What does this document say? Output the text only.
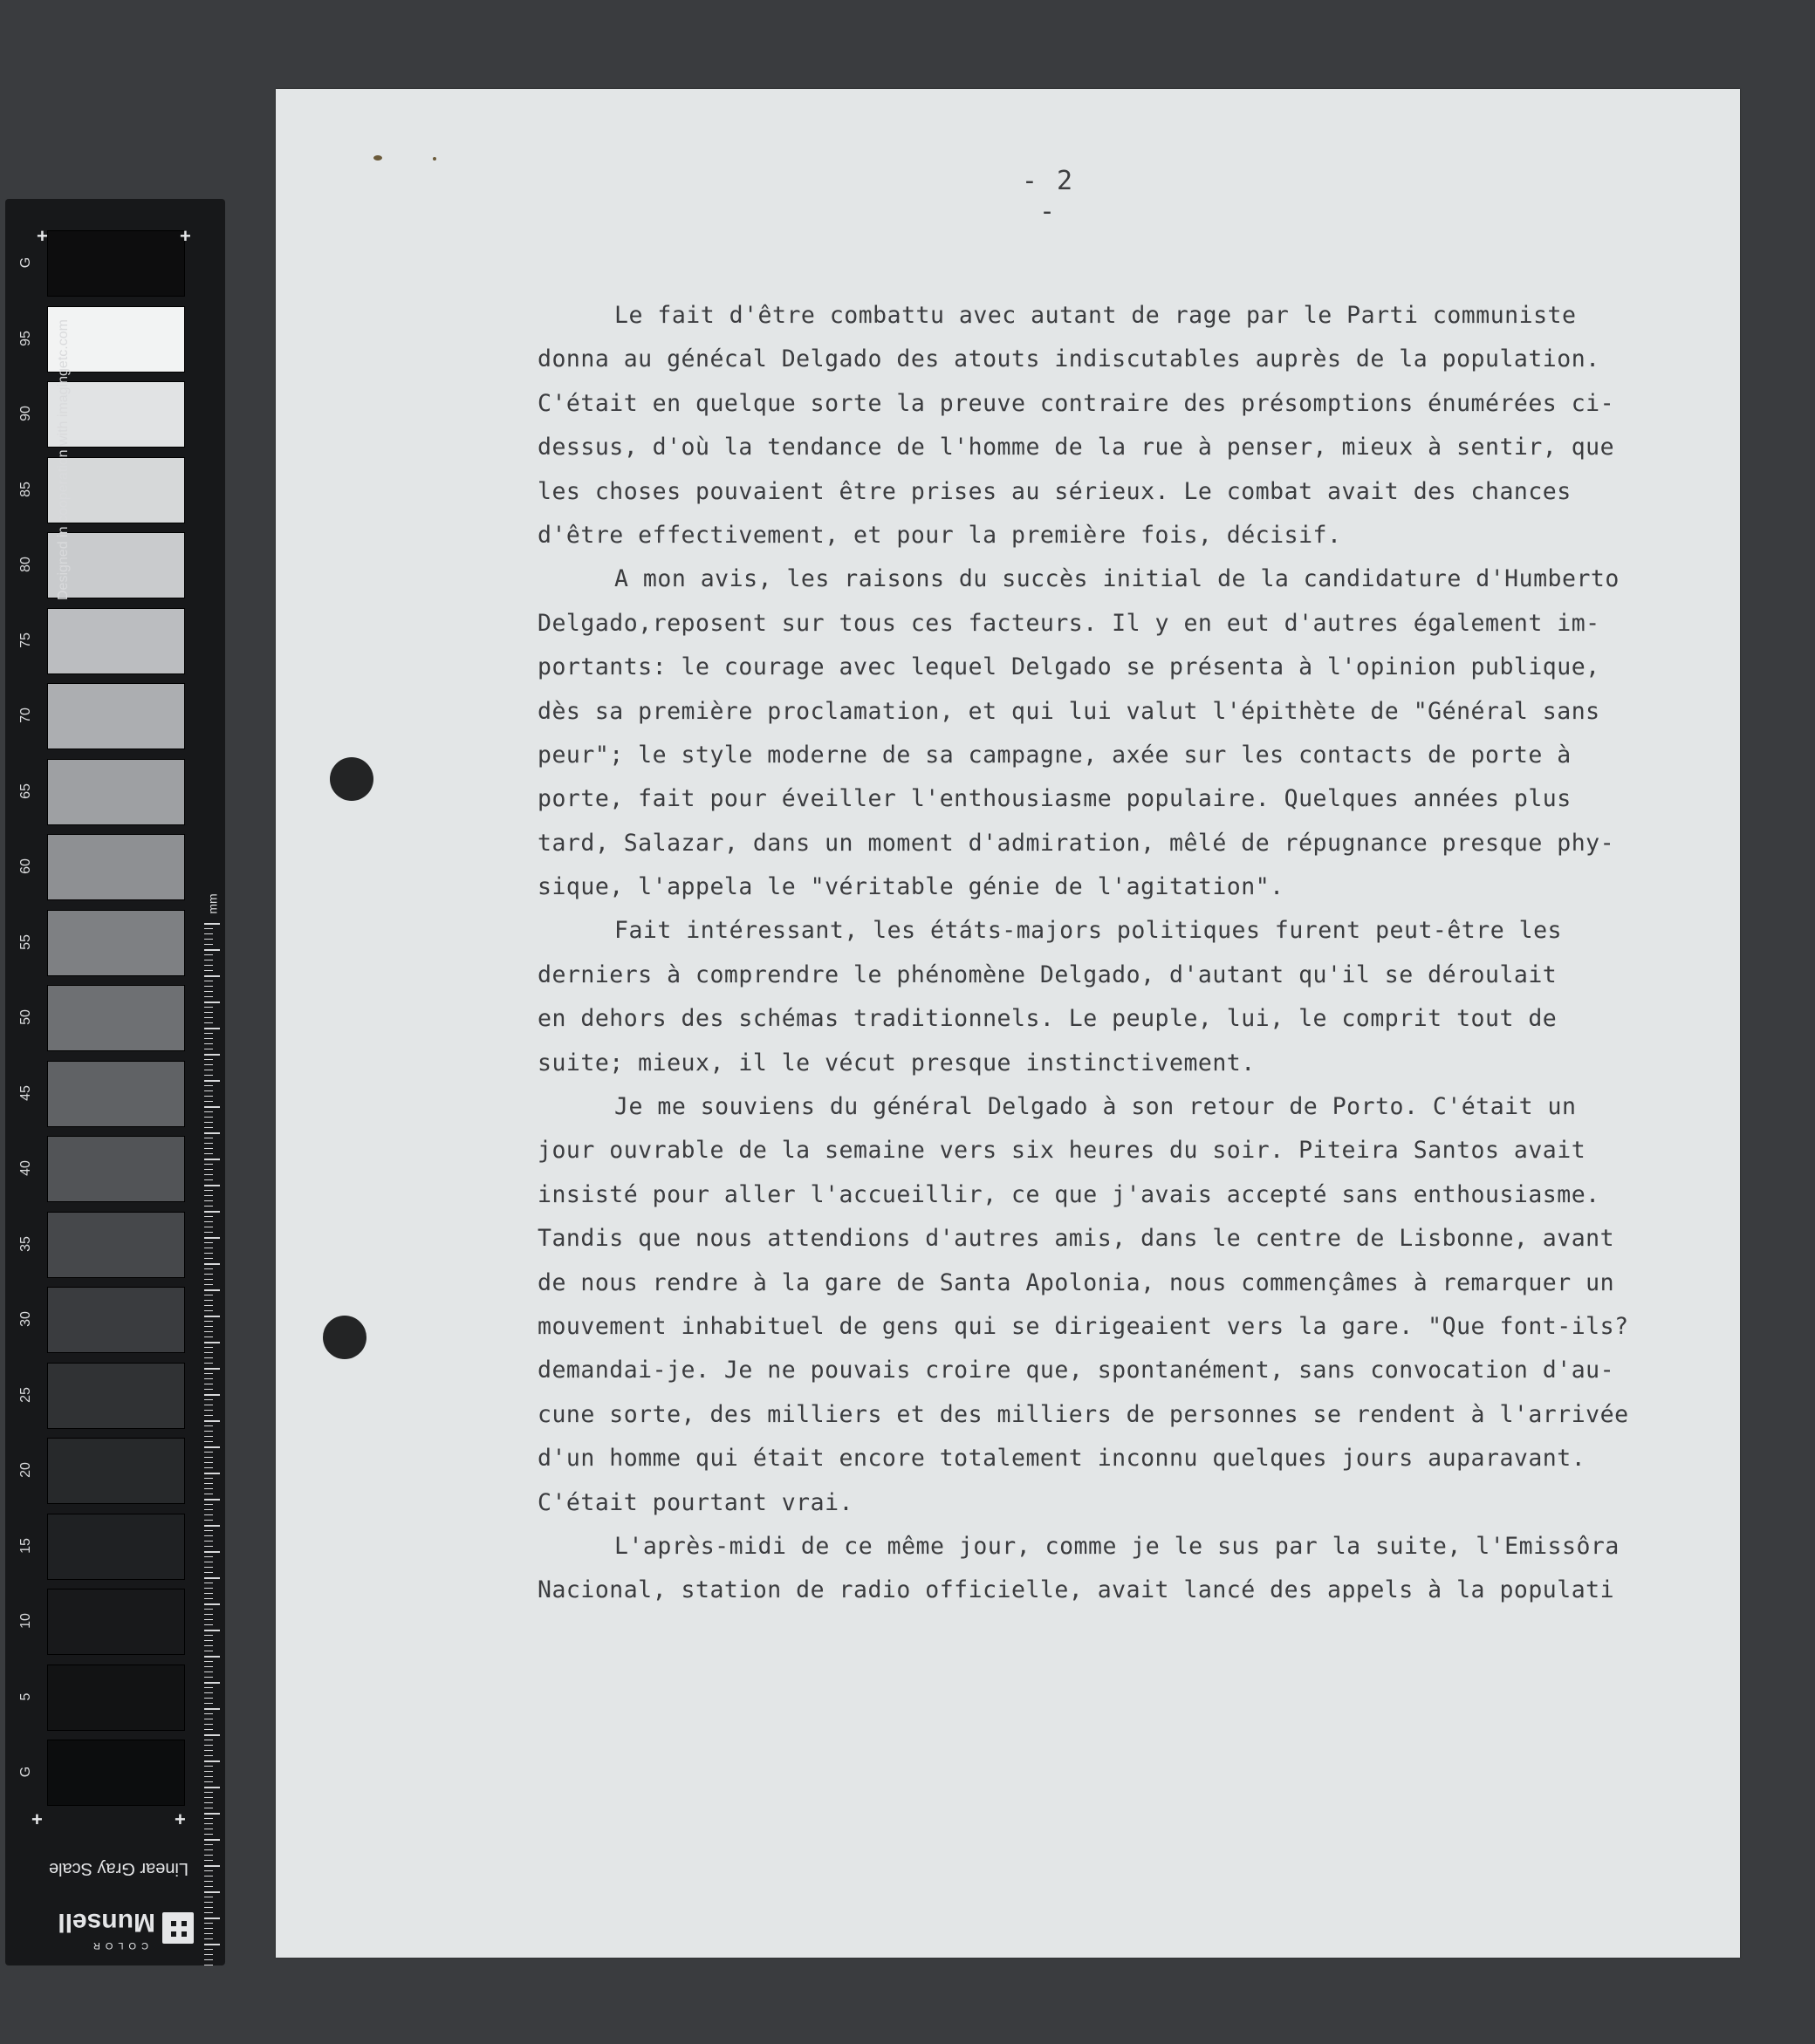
G
95
90
85
80
75
70
65
60
55
50
45
40
35
30
25
20
15
10
5
G
+	+
+	+
Designed in cooperation with imagingetc.com
mm
Linear Gray Scale
COLOR
Munsell
- 2 -
Le fait d'être combattu avec autant de rage par le Parti communiste
donna au génécal Delgado des atouts indiscutables auprès de la population.
C'était en quelque sorte la preuve contraire des présomptions énumérées ci-
dessus, d'où la tendance de l'homme de la rue à penser, mieux à sentir, que
les choses pouvaient être prises au sérieux. Le combat avait des chances
d'être effectivement, et pour la première fois, décisif.
A mon avis, les raisons du succès initial de la candidature d'Humberto
Delgado,reposent sur tous ces facteurs. Il y en eut d'autres également im-
portants: le courage avec lequel Delgado se présenta à l'opinion publique,
dès sa première proclamation, et qui lui valut l'épithète de "Général sans
peur"; le style moderne de sa campagne, axée sur les contacts de porte à
porte, fait pour éveiller l'enthousiasme populaire. Quelques années plus
tard, Salazar, dans un moment d'admiration, mêlé de répugnance presque phy-
sique, l'appela le "véritable génie de l'agitation".
Fait intéressant, les étáts-majors politiques furent peut-être les
derniers à comprendre le phénomène Delgado, d'autant qu'il se déroulait
en dehors des schémas traditionnels. Le peuple, lui, le comprit tout de
suite; mieux, il le vécut presque instinctivement.
Je me souviens du général Delgado à son retour de Porto. C'était un
jour ouvrable de la semaine vers six heures du soir. Piteira Santos avait
insisté pour aller l'accueillir, ce que j'avais accepté sans enthousiasme.
Tandis que nous attendions d'autres amis, dans le centre de Lisbonne, avant
de nous rendre à la gare de Santa Apolonia, nous commençâmes à remarquer un
mouvement inhabituel de gens qui se dirigeaient vers la gare. "Que font-ils?
demandai-je. Je ne pouvais croire que, spontanément, sans convocation d'au-
cune sorte, des milliers et des milliers de personnes se rendent à l'arrivée
d'un homme qui était encore totalement inconnu quelques jours auparavant.
C'était pourtant vrai.
L'après-midi de ce même jour, comme je le sus par la suite, l'Emissôra
Nacional, station de radio officielle, avait lancé des appels à la populati
